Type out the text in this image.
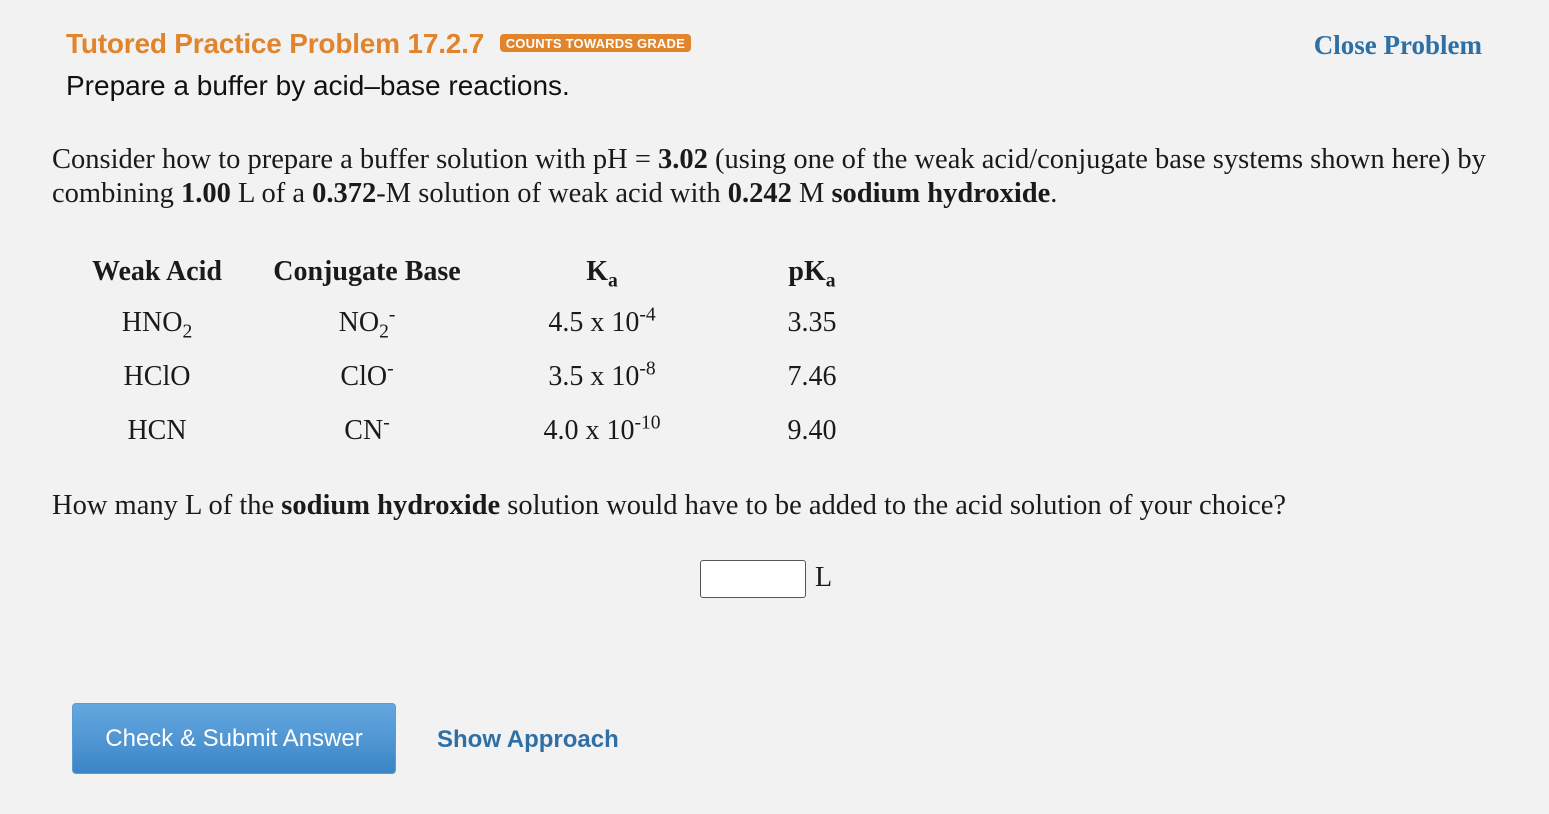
Tutored Practice Problem 17.2.7 COUNTS TOWARDS GRADE
Prepare a buffer by acid–base reactions.
Close Problem
Consider how to prepare a buffer solution with pH = 3.02 (using one of the weak acid/conjugate base systems shown here) by combining 1.00 L of a 0.372-M solution of weak acid with 0.242 M sodium hydroxide.
Weak Acid	Conjugate Base	$K_a$	$pK_a$
$HNO_2$	$NO_2^-$	4.5 x $10^{-4}$	3.35
HClO	ClO-	3.5 x $10^{-8}$	7.46
HCN	CN-	4.0 x $10^{-10}$	9.40
How many L of the sodium hydroxide solution would have to be added to the acid solution of your choice?
L
Check & Submit Answer	Show Approach
